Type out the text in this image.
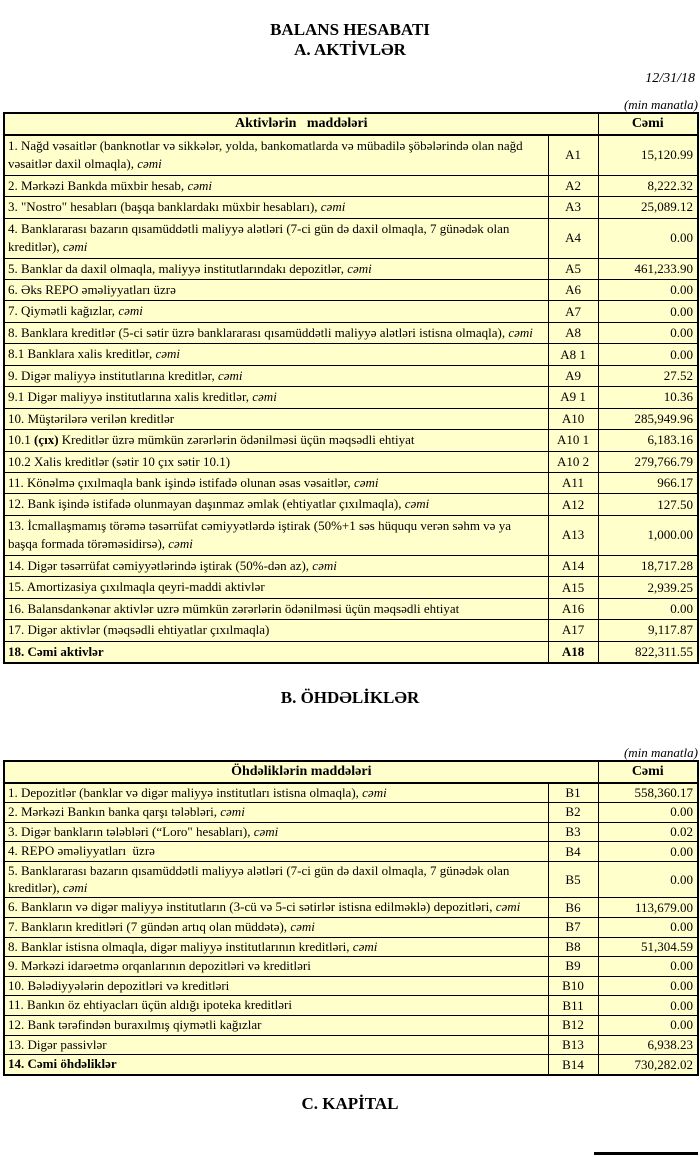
BALANS HESABATI
A. AKTİVLƏR
12/31/18
(min manatla)
Aktivlərin   maddələri		Cəmi
1. Nağd vəsaitlər (banknotlar və sikkələr, yolda, bankomatlarda və mübadilə şöbələrində olan nağd vəsaitlər daxil olmaqla), cəmi	A1	15,120.99
2. Mərkəzi Bankda müxbir hesab, cəmi	A2	8,222.32
3. "Nostro" hesabları (başqa banklardakı müxbir hesabları), cəmi	A3	25,089.12
4. Banklararası bazarın qısamüddətli maliyyə alətləri (7-ci gün də daxil olmaqla, 7 günədək olan kreditlər), cəmi	A4	0.00
5. Banklar da daxil olmaqla, maliyyə institutlarındakı depozitlər, cəmi	A5	461,233.90
6. Əks REPO əməliyyatları üzrə	A6	0.00
7. Qiymətli kağızlar, cəmi	A7	0.00
8. Banklara kreditlər (5-ci sətir üzrə banklararası qısamüddətli maliyyə alətləri istisna olmaqla), cəmi	A8	0.00
8.1 Banklara xalis kreditlər, cəmi	A8 1	0.00
9. Digər maliyyə institutlarına kreditlər, cəmi	A9	27.52
9.1 Digər maliyyə institutlarına xalis kreditlər, cəmi	A9 1	10.36
10. Müştərilərə verilən kreditlər	A10	285,949.96
10.1 (çıx) Kreditlər üzrə mümkün zərərlərin ödənilməsi üçün məqsədli ehtiyat	A10 1	6,183.16
10.2 Xalis kreditlər (sətir 10 çıx sətir 10.1)	A10 2	279,766.79
11. Könəlmə çıxılmaqla bank işində istifadə olunan əsas vəsaitlər, cəmi	A11	966.17
12. Bank işində istifadə olunmayan daşınmaz əmlak (ehtiyatlar çıxılmaqla), cəmi	A12	127.50
13. İcmallaşmamış törəmə təsərrüfat cəmiyyətlərdə iştirak (50%+1 səs hüququ verən səhm və ya başqa formada törəməsidirsə), cəmi	A13	1,000.00
14. Digər təsərrüfat cəmiyyətlərində iştirak (50%-dən az), cəmi	A14	18,717.28
15. Amortizasiya çıxılmaqla qeyri-maddi aktivlər	A15	2,939.25
16. Balansdankənar aktivlər uzrə mümkün zərərlərin ödənilməsi üçün məqsədli ehtiyat	A16	0.00
17. Digər aktivlər (məqsədli ehtiyatlar çıxılmaqla)	A17	9,117.87
18. Cəmi aktivlər	A18	822,311.55
B. ÖHDƏLİKLƏR
(min manatla)
Öhdəliklərin maddələri		Cəmi
1. Depozitlər (banklar və digər maliyyə institutları istisna olmaqla), cəmi	B1	558,360.17
2. Mərkəzi Bankın banka qarşı tələbləri, cəmi	B2	0.00
3. Digər bankların tələbləri (“Loro" hesabları), cəmi	B3	0.02
4. REPO əməliyyatları  üzrə	B4	0.00
5. Banklararası bazarın qısamüddətli maliyyə alətləri (7-ci gün də daxil olmaqla, 7 günədək olan kreditlər), cəmi	B5	0.00
6. Bankların və digər maliyyə institutların (3-cü və 5-ci sətirlər istisna edilməklə) depozitləri, cəmi	B6	113,679.00
7. Bankların kreditləri (7 gündən artıq olan müddətə), cəmi	B7	0.00
8. Banklar istisna olmaqla, digər maliyyə institutlarının kreditləri, cəmi	B8	51,304.59
9. Mərkəzi idarəetmə orqanlarının depozitləri və kreditləri	B9	0.00
10. Bələdiyyələrin depozitləri və kreditləri	B10	0.00
11. Bankın öz ehtiyacları üçün aldığı ipoteka kreditləri	B11	0.00
12. Bank tərəfindən buraxılmış qiymətli kağızlar	B12	0.00
13. Digər passivlər	B13	6,938.23
14. Cəmi öhdəliklər	B14	730,282.02
C. KAPİTAL
